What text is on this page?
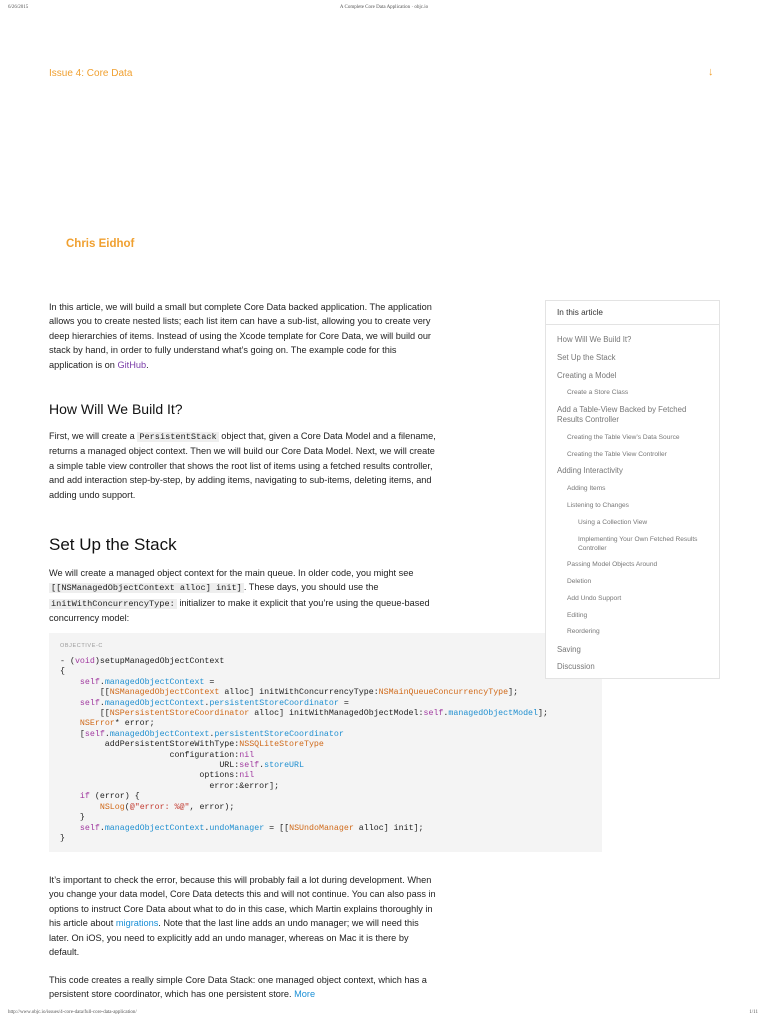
6/26/2015	A Complete Core Data Application · objc.io
Issue 4: Core Data	↓
Chris Eidhof

In this article, we will build a small but complete Core Data backed application. The application allows you to create nested lists; each list item can have a sub-list, allowing you to create very deep hierarchies of items. Instead of using the Xcode template for Core Data, we will build our stack by hand, in order to fully understand what’s going on. The example code for this application is on GitHub.

How Will We Build It?

First, we will create a PersistentStack object that, given a Core Data Model and a filename, returns a managed object context. Then we will build our Core Data Model. Next, we will create a simple table view controller that shows the root list of items using a fetched results controller, and add interaction step-by-step, by adding items, navigating to sub-items, deleting items, and adding undo support.

Set Up the Stack

We will create a managed object context for the main queue. In older code, you might see [[NSManagedObjectContext alloc] init] . These days, you should use the initWithConcurrencyType: initializer to make it explicit that you’re using the queue-based concurrency model:

OBJECTIVE-C
- (void)setupManagedObjectContext
{
self.managedObjectContext =
[[NSManagedObjectContext alloc] initWithConcurrencyType:NSMainQueueConcurrencyType];
self.managedObjectContext.persistentStoreCoordinator =
[[NSPersistentStoreCoordinator alloc] initWithManagedObjectModel:self.managedObjectModel];
NSError* error;
[self.managedObjectContext.persistentStoreCoordinator
addPersistentStoreWithType:NSSQLiteStoreType
configuration:nil
URL:self.storeURL
options:nil
error:&error];
if (error) {
NSLog(@"error: %@", error);
}
self.managedObjectContext.undoManager = [[NSUndoManager alloc] init];
}

It’s important to check the error, because this will probably fail a lot during development. When you change your data model, Core Data detects this and will not continue. You can also pass in options to instruct Core Data about what to do in this case, which Martin explains thoroughly in his article about migrations. Note that the last line adds an undo manager; we will need this later. On iOS, you need to explicitly add an undo manager, whereas on Mac it is there by default.

This code creates a really simple Core Data Stack: one managed object context, which has a persistent store coordinator, which has one persistent store. More

In this article
How Will We Build It?
Set Up the Stack
Creating a Model
Create a Store Class
Add a Table-View Backed by Fetched Results Controller
Creating the Table View’s Data Source
Creating the Table View Controller
Adding Interactivity
Adding Items
Listening to Changes
Using a Collection View
Implementing Your Own Fetched Results Controller
Passing Model Objects Around
Deletion
Add Undo Support
Editing
Reordering
Saving
Discussion
http://www.objc.io/issues/4-core-data/full-core-data-application/	1/11
